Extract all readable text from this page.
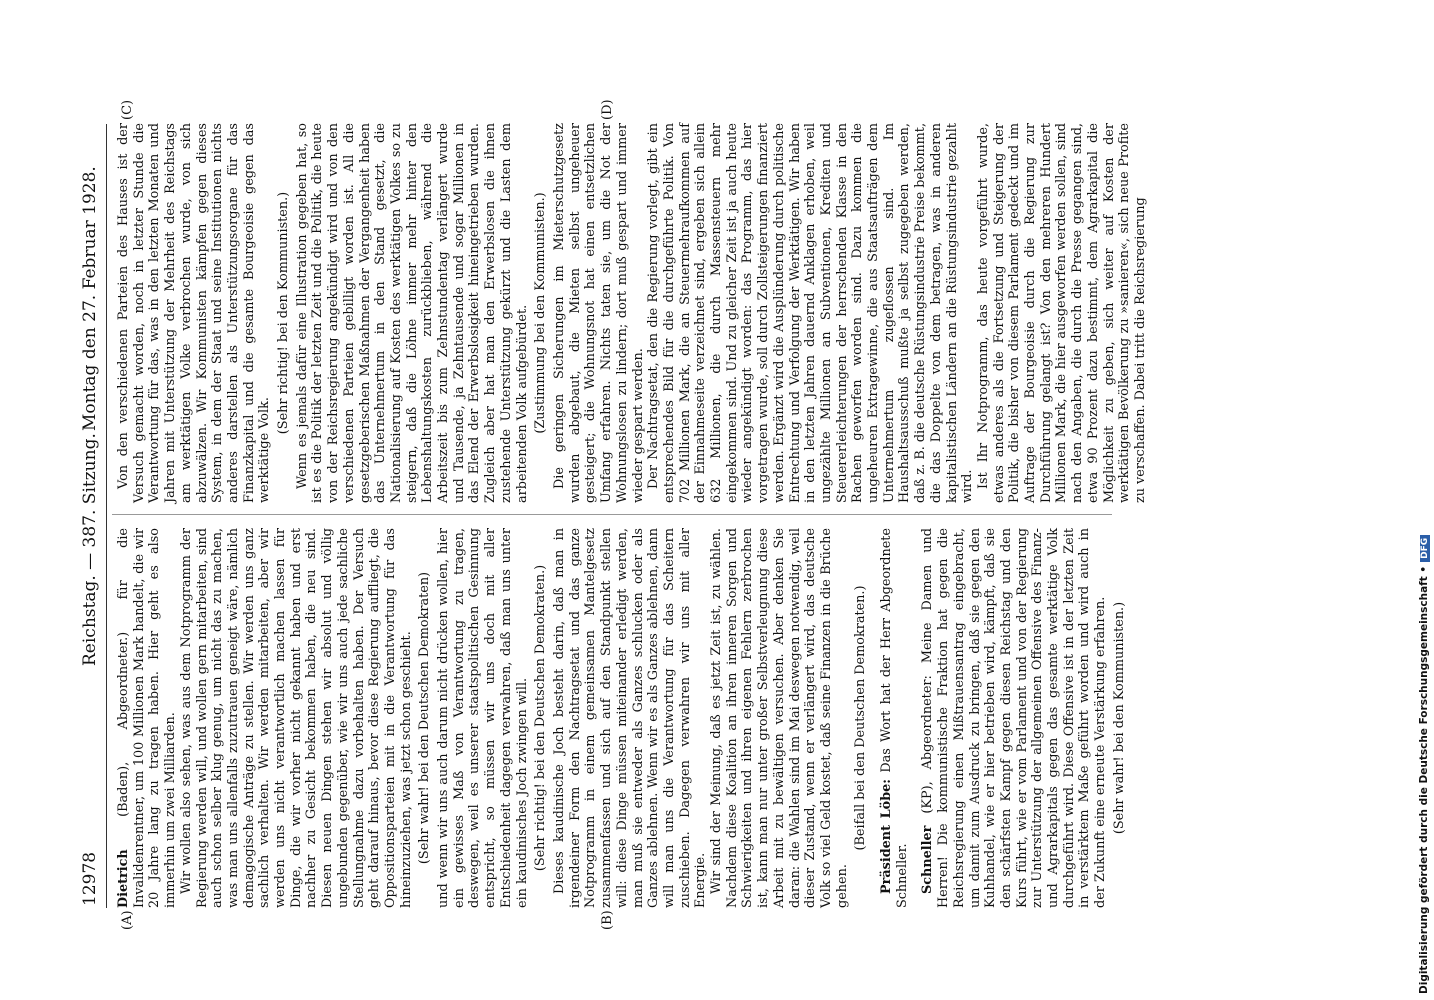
12978
Reichstag. — 387. Sitzung.
Montag den 27. Februar 1928.
(A)	(B)
(C)	(D)

Dietrich (Baden), Abgeordneter.) für die Invalidenrentner, um 100 Millionen Mark handelt, die wir 20 Jahre lang zu tragen haben. Hier geht es also immerhin um zwei Milliarden. Wir wollen also sehen, was aus dem Notprogramm der Regierung werden will, und wollen gern mitarbeiten, sind auch schon selber klug genug, um nicht das zu machen, was man uns allenfalls zuzutrauen geneigt wäre, nämlich demagogische Anträge zu stellen. Wir werden uns ganz sachlich verhalten. Wir werden mitarbeiten, aber wir werden uns nicht verantwortlich machen lassen für Dinge, die wir vorher nicht gekannt haben und erst nachher zu Gesicht bekommen haben, die neu sind. Diesen neuen Dingen stehen wir absolut und völlig ungebunden gegenüber, wie wir uns auch jede sachliche Stellungnahme dazu vorbehalten haben. Der Versuch geht darauf hinaus, bevor diese Regierung auffliegt, die Oppositionsparteien mit in die Verantwortung für das hineinzuziehen, was jetzt schon geschieht. (Sehr wahr! bei den Deutschen Demokraten) und wenn wir uns auch darum nicht drücken wollen, hier ein gewisses Maß von Verantwortung zu tragen, deswegen, weil es unserer staatspolitischen Gesinnung entspricht, so müssen wir uns doch mit aller Entschiedenheit dagegen verwahren, daß man uns unter ein kaudinisches Joch zwingen will. (Sehr richtig! bei den Deutschen Demokraten.) Dieses kaudinische Joch besteht darin, daß man in irgendeiner Form den Nachtragsetat und das ganze Notprogramm in einem gemeinsamen Mantelgesetz zusammenfassen und sich auf den Standpunkt stellen will: diese Dinge müssen miteinander erledigt werden, man muß sie entweder als Ganzes schlucken oder als Ganzes ablehnen. Wenn wir es als Ganzes ablehnen, dann will man uns die Verantwortung für das Scheitern zuschieben. Dagegen verwahren wir uns mit aller Energie. Wir sind der Meinung, daß es jetzt Zeit ist, zu wählen. Nachdem diese Koalition an ihren inneren Sorgen und Schwierigkeiten und ihren eigenen Fehlern zerbrochen ist, kann man nur unter großer Selbstverleugnung diese Arbeit mit zu bewältigen versuchen. Aber denken Sie daran: die Wahlen sind im Mai deswegen notwendig, weil dieser Zustand, wenn er verlängert wird, das deutsche Volk so viel Geld kostet, daß seine Finanzen in die Brüche gehen.

(Beifall bei den Deutschen Demokraten.) Präsident Löbe: Das Wort hat der Herr Abgeordnete Schneller. Schneller (KP), Abgeordneter: Meine Damen und Herren! Die kommunistische Fraktion hat gegen die Reichsregierung einen Mißtrauensantrag eingebracht, um damit zum Ausdruck zu bringen, daß sie gegen den Kuhhandel, wie er hier betrieben wird, kämpft, daß sie den schärfsten Kampf gegen diesen Reichstag und den Kurs führt, wie er vom Parlament und von der Regierung zur Unterstützung der allgemeinen Offensive des Finanz- und Agrarkapitals gegen das gesamte werktätige Volk durchgeführt wird. Diese Offensive ist in der letzten Zeit in verstärktem Maße geführt worden und wird auch in der Zukunft eine erneute Verstärkung erfahren. (Sehr wahr! bei den Kommunisten.)

Von den verschiedenen Parteien des Hauses ist der Versuch gemacht worden, noch in letzter Stunde die Verantwortung für das, was in den letzten Monaten und Jahren mit Unterstützung der Mehrheit des Reichstags am werktätigen Volke verbrochen wurde, von sich abzuwälzen. Wir Kommunisten kämpfen gegen dieses System, in dem der Staat und seine Institutionen nichts anderes darstellen als Unterstützungsorgane für das Finanzkapital und die gesamte Bourgeoisie gegen das werktätige Volk.

(Sehr richtig! bei den Kommunisten.) Wenn es jemals dafür eine Illustration gegeben hat, so ist es die Politik der letzten Zeit und die Politik, die heute von der Reichsregierung angekündigt wird und von den verschiedenen Parteien gebilligt worden ist. All die gesetzgeberischen Maßnahmen der Vergangenheit haben das Unternehmertum in den Stand gesetzt, die Nationalisierung auf Kosten des werktätigen Volkes so zu steigern, daß die Löhne immer mehr hinter den Lebenshaltungskosten zurückblieben, während die Arbeitszeit bis zum Zehnstundentag verlängert wurde und Tausende, ja Zehntausende und sogar Millionen in das Elend der Erwerbslosigkeit hineingetrieben wurden. Zugleich aber hat man den Erwerbslosen die ihnen zustehende Unterstützung gekürzt und die Lasten dem arbeitenden Volk aufgebürdet. (Zustimmung bei den Kommunisten.) Die geringen Sicherungen im Mieterschutzgesetz wurden abgebaut, die Mieten selbst ungeheuer gesteigert; die Wohnungsnot hat einen entsetzlichen Umfang erfahren. Nichts taten sie, um die Not der Wohnungslosen zu lindern; dort muß gespart und immer wieder gespart werden. Der Nachtragsetat, den die Regierung vorlegt, gibt ein entsprechendes Bild für die durchgeführte Politik. Von 702 Millionen Mark, die an Steuermehraufkommen auf der Einnahmeseite verzeichnet sind, ergeben sich allein 632 Millionen, die durch Massensteuern mehr eingekommen sind. Und zu gleicher Zeit ist ja auch heute wieder angekündigt worden: das Programm, das hier vorgetragen wurde, soll durch Zollsteigerungen finanziert werden. Ergänzt wird die Ausplünderung durch politische Entrechtung und Verfolgung der Werktätigen. Wir haben in den letzten Jahren dauernd Anklagen erhoben, weil ungezählte Millionen an Subventionen, Krediten und Steuererleichterungen der herrschenden Klasse in den Rachen geworfen worden sind. Dazu kommen die ungeheuren Extragewinne, die aus Staatsaufträgen dem Unternehmertum zugeflossen sind. Im Haushaltsausschuß mußte ja selbst zugegeben werden, daß z. B. die deutsche Rüstungsindustrie Preise bekommt, die das Doppelte von dem betragen, was in anderen kapitalistischen Ländern an die Rüstungsindustrie gezahlt wird. Ist Ihr Notprogramm, das heute vorgeführt wurde, etwas anderes als die Fortsetzung und Steigerung der Politik, die bisher von diesem Parlament gedeckt und im Auftrage der Bourgeoisie durch die Regierung zur Durchführung gelangt ist? Von den mehreren Hundert Millionen Mark, die hier ausgeworfen werden sollen, sind nach den Angaben, die durch die Presse gegangen sind, etwa 90 Prozent dazu bestimmt, dem Agrarkapital die Möglichkeit zu geben, sich weiter auf Kosten der werktätigen Bevölkerung zu »sanieren«, sich neue Profite zu verschaffen. Dabei tritt die Reichsregierung

Digitalisierung gefördert durch die Deutsche Forschungsgemeinschaft •DFG
